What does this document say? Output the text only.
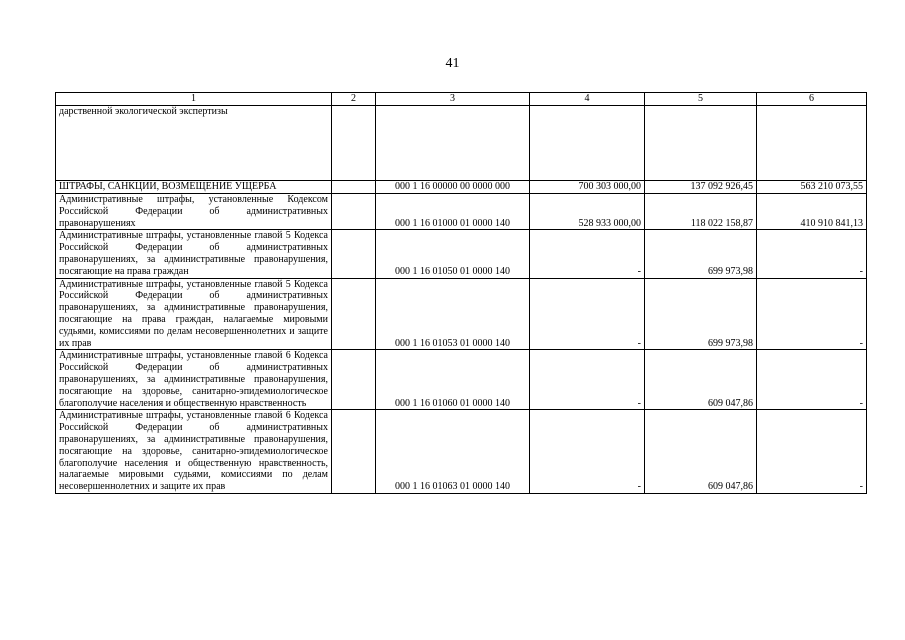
41
1	2	3	4	5	6
дарственной экологической экспертизы					
ШТРАФЫ, САНКЦИИ, ВОЗМЕЩЕНИЕ УЩЕРБА		000 1 16 00000 00 0000 000	700 303 000,00	137 092 926,45	563 210 073,55
Административные штрафы, установленные Кодексом Российской Федерации об административных правонарушениях		000 1 16 01000 01 0000 140	528 933 000,00	118 022 158,87	410 910 841,13
Административные штрафы, установленные главой 5 Кодекса Российской Федерации об административных правонарушениях, за административные правонарушения, посягающие на права граждан		000 1 16 01050 01 0000 140	-	699 973,98	-
Административные штрафы, установленные главой 5 Кодекса Российской Федерации об административных правонарушениях, за административные правонарушения, посягающие на права граждан, налагаемые мировыми судьями, комиссиями по делам несовершеннолетних и защите их прав		000 1 16 01053 01 0000 140	-	699 973,98	-
Административные штрафы, установленные главой 6 Кодекса Российской Федерации об административных правонарушениях, за административные правонарушения, посягающие на здоровье, санитарно-эпидемиологическое благополучие населения и общественную нравственность		000 1 16 01060 01 0000 140	-	609 047,86	-
Административные штрафы, установленные главой 6 Кодекса Российской Федерации об административных правонарушениях, за административные правонарушения, посягающие на здоровье, санитарно-эпидемиологическое благополучие населения и общественную нравственность, налагаемые мировыми судьями, комиссиями по делам несовершеннолетних и защите их прав		000 1 16 01063 01 0000 140	-	609 047,86	-
